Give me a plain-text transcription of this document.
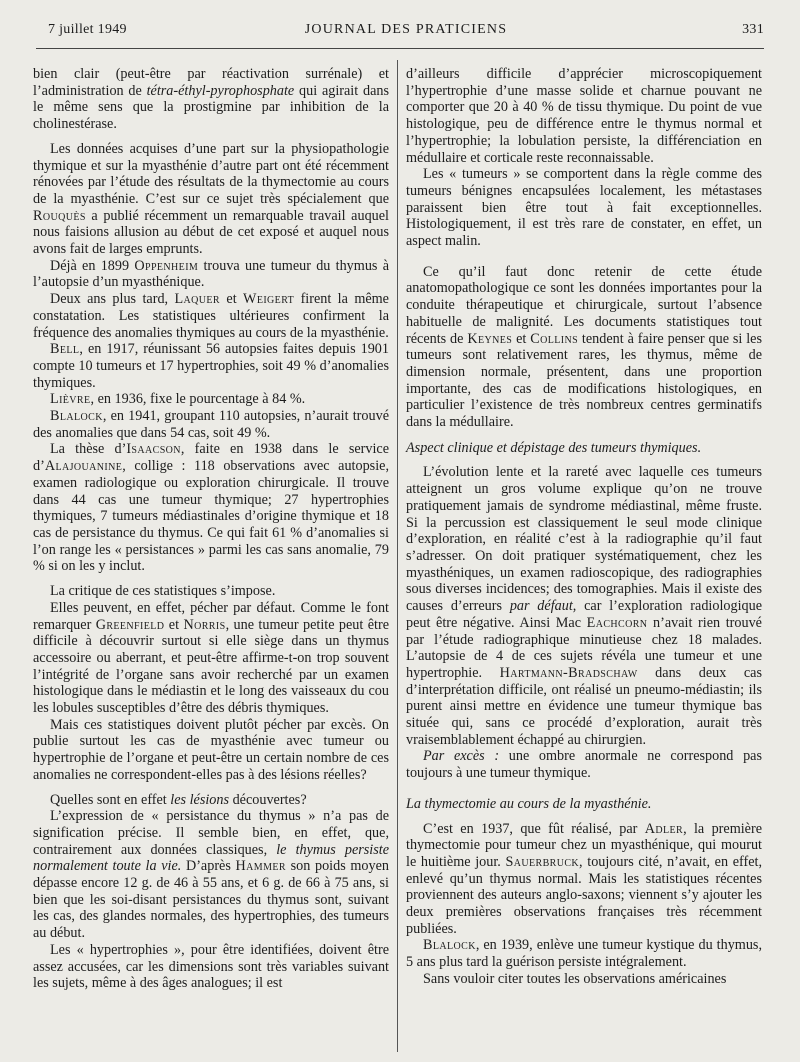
7 juillet 1949	JOURNAL DES PRATICIENS	331

bien clair (peut-être par réactivation surrénale) et l’administration de tétra-éthyl-pyrophosphate qui agirait dans le même sens que la prostigmine par inhibition de la cholinestérase.

Les données acquises d’une part sur la physiopathologie thymique et sur la myasthénie d’autre part ont été récemment rénovées par l’étude des résultats de la thymectomie au cours de la myasthénie. C’est sur ce sujet très spécialement que Rouquès a publié récemment un remarquable travail auquel nous faisions allusion au début de cet exposé et auquel nous avons fait de larges emprunts.

Déjà en 1899 Oppenheim trouva une tumeur du thymus à l’autopsie d’un myasthénique.

Deux ans plus tard, Laquer et Weigert firent la même constatation. Les statistiques ultérieures confirment la fréquence des anomalies thymiques au cours de la myasthénie.

Bell, en 1917, réunissant 56 autopsies faites depuis 1901 compte 10 tumeurs et 17 hypertrophies, soit 49 % d’anomalies thymiques.

Lièvre, en 1936, fixe le pourcentage à 84 %.

Blalock, en 1941, groupant 110 autopsies, n’aurait trouvé des anomalies que dans 54 cas, soit 49 %.

La thèse d’Isaacson, faite en 1938 dans le service d’Alajouanine, collige : 118 observations avec autopsie, examen radiologique ou exploration chirurgicale. Il trouve dans 44 cas une tumeur thymique; 27 hypertrophies thymiques, 7 tumeurs médiastinales d’origine thymique et 18 cas de persistance du thymus. Ce qui fait 61 % d’anomalies si l’on range les « persistances » parmi les cas sans anomalie, 79 % si on les y inclut.

La critique de ces statistiques s’impose.

Elles peuvent, en effet, pécher par défaut. Comme le font remarquer Greenfield et Norris, une tumeur petite peut être difficile à découvrir surtout si elle siège dans un thymus accessoire ou aberrant, et peut-être affirme-t-on trop souvent l’intégrité de l’organe sans avoir recherché par un examen histologique dans le médiastin et le long des vaisseaux du cou les lobules susceptibles d’être des débris thymiques.

Mais ces statistiques doivent plutôt pécher par excès. On publie surtout les cas de myasthénie avec tumeur ou hypertrophie de l’organe et peut-être un certain nombre de ces anomalies ne correspondent-elles pas à des lésions réelles?

Quelles sont en effet les lésions découvertes?

L’expression de « persistance du thymus » n’a pas de signification précise. Il semble bien, en effet, que, contrairement aux données classiques, le thymus persiste normalement toute la vie. D’après Hammer son poids moyen dépasse encore 12 g. de 46 à 55 ans, et 6 g. de 66 à 75 ans, si bien que les soi-disant persistances du thymus sont, suivant les cas, des glandes normales, des hypertrophies, des tumeurs au début.

Les « hypertrophies », pour être identifiées, doivent être assez accusées, car les dimensions sont très variables suivant les sujets, même à des âges analogues; il est

d’ailleurs difficile d’apprécier microscopiquement l’hypertrophie d’une masse solide et charnue pouvant ne comporter que 20 à 40 % de tissu thymique. Du point de vue histologique, peu de différence entre le thymus normal et l’hypertrophie; la lobulation persiste, la différenciation en médullaire et corticale reste reconnaissable.

Les « tumeurs » se comportent dans la règle comme des tumeurs bénignes encapsulées localement, les métastases paraissent bien être tout à fait exceptionnelles. Histologiquement, il est très rare de constater, en effet, un aspect malin.

Ce qu’il faut donc retenir de cette étude anatomopathologique ce sont les données importantes pour la conduite thérapeutique et chirurgicale, surtout l’absence habituelle de malignité. Les documents statistiques tout récents de Keynes et Collins tendent à faire penser que si les tumeurs sont relativement rares, les thymus, même de dimension normale, présentent, dans une proportion importante, des cas de modifications histologiques, en particulier l’existence de très nombreux centres germinatifs dans la médullaire.

Aspect clinique et dépistage des tumeurs thymiques.

L’évolution lente et la rareté avec laquelle ces tumeurs atteignent un gros volume explique qu’on ne trouve pratiquement jamais de syndrome médiastinal, même fruste. Si la percussion est classiquement le seul mode clinique d’exploration, en réalité c’est à la radiographie qu’il faut s’adresser. On doit pratiquer systématiquement, chez les myasthéniques, un examen radioscopique, des radiographies sous diverses incidences; des tomographies. Mais il existe des causes d’erreurs par défaut, car l’exploration radiologique peut être négative. Ainsi Mac Eachcorn n’avait rien trouvé par l’étude radiographique minutieuse chez 18 malades. L’autopsie de 4 de ces sujets révéla une tumeur et une hypertrophie. Hartmann-Bradschaw dans deux cas d’interprétation difficile, ont réalisé un pneumo-médiastin; ils purent ainsi mettre en évidence une tumeur thymique bas située qui, sans ce procédé d’exploration, aurait très vraisemblablement échappé au chirurgien.

Par excès : une ombre anormale ne correspond pas toujours à une tumeur thymique.

La thymectomie au cours de la myasthénie.

C’est en 1937, que fût réalisé, par Adler, la première thymectomie pour tumeur chez un myasthénique, qui mourut le huitième jour. Sauerbruck, toujours cité, n’avait, en effet, enlevé qu’un thymus normal. Mais les statistiques récentes proviennent des auteurs anglo-saxons; viennent s’y ajouter les deux premières observations françaises très récemment publiées.

Blalock, en 1939, enlève une tumeur kystique du thymus, 5 ans plus tard la guérison persiste intégralement.

Sans vouloir citer toutes les observations américaines
